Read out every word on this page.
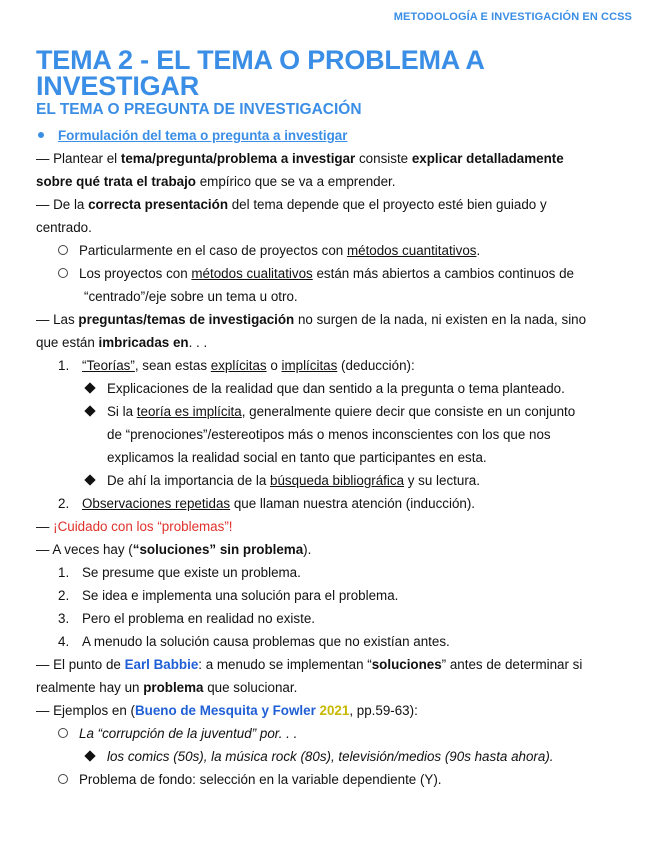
METODOLOGÍA E INVESTIGACIÓN EN CCSS
TEMA 2 - EL TEMA O PROBLEMA A INVESTIGAR
EL TEMA O PREGUNTA DE INVESTIGACIÓN
Formulación del tema o pregunta a investigar
— Plantear el tema/pregunta/problema a investigar consiste explicar detalladamente
sobre qué trata el trabajo empírico que se va a emprender.
— De la correcta presentación del tema depende que el proyecto esté bien guiado y
centrado.
Particularmente en el caso de proyectos con métodos cuantitativos.
Los proyectos con métodos cualitativos están más abiertos a cambios continuos de
“centrado”/eje sobre un tema u otro.
— Las preguntas/temas de investigación no surgen de la nada, ni existen en la nada, sino
que están imbricadas en. . .
1. “Teorías”, sean estas explícitas o implícitas (deducción):
Explicaciones de la realidad que dan sentido a la pregunta o tema planteado.
Si la teoría es implícita, generalmente quiere decir que consiste en un conjunto
de “prenociones”/estereotipos más o menos inconscientes con los que nos
explicamos la realidad social en tanto que participantes en esta.
De ahí la importancia de la búsqueda bibliográfica y su lectura.
2. Observaciones repetidas que llaman nuestra atención (inducción).
— ¡Cuidado con los “problemas”!
— A veces hay (“soluciones” sin problema).
1. Se presume que existe un problema.
2. Se idea e implementa una solución para el problema.
3. Pero el problema en realidad no existe.
4. A menudo la solución causa problemas que no existían antes.
— El punto de Earl Babbie: a menudo se implementan “soluciones” antes de determinar si
realmente hay un problema que solucionar.
— Ejemplos en (Bueno de Mesquita y Fowler 2021, pp.59-63):
La “corrupción de la juventud” por. . .
los comics (50s), la música rock (80s), televisión/medios (90s hasta ahora).
Problema de fondo: selección en la variable dependiente (Y).
